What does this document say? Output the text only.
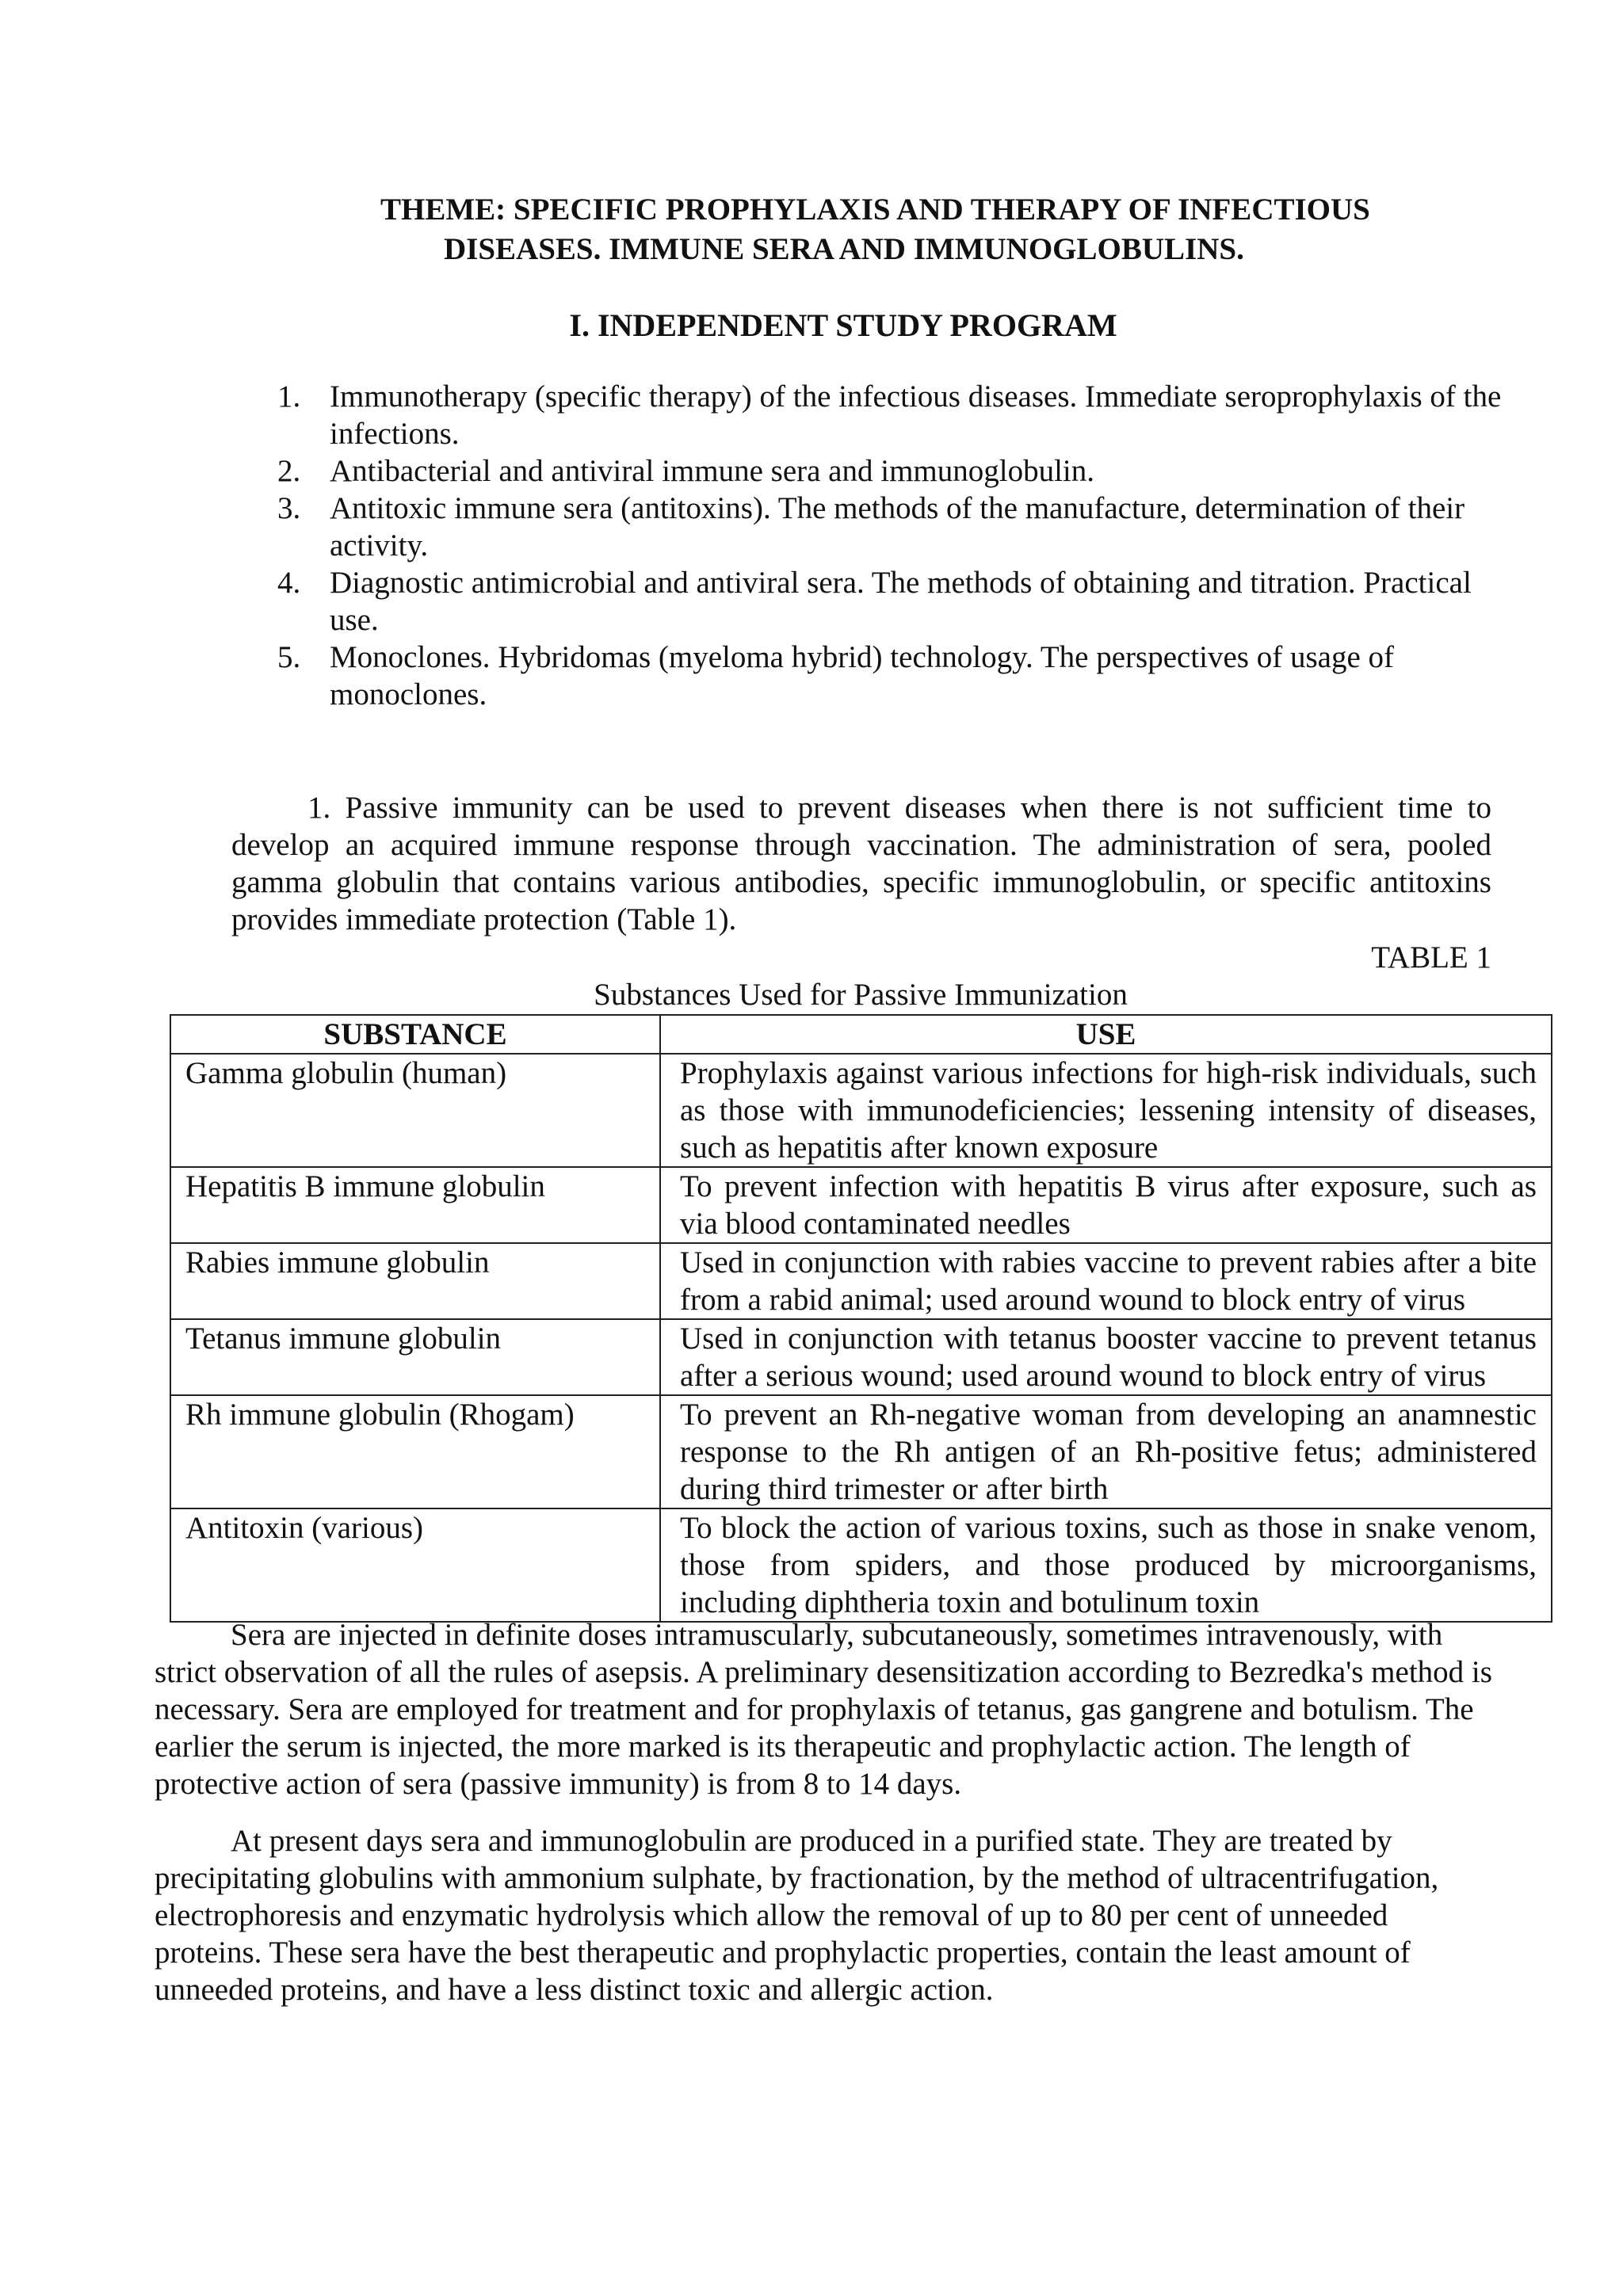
THEME: SPECIFIC PROPHYLAXIS AND THERAPY OF INFECTIOUS
DISEASES. IMMUNE SERA AND IMMUNOGLOBULINS.
I. INDEPENDENT STUDY PROGRAM
1. Immunotherapy (specific therapy) of the infectious diseases. Immediate seroprophylaxis of the infections.
2. Antibacterial and antiviral immune sera and immunoglobulin.
3. Antitoxic immune sera (antitoxins). The methods of the manufacture, determination of their activity.
4. Diagnostic antimicrobial and antiviral sera. The methods of obtaining and titration. Practical use.
5. Monoclones. Hybridomas (myeloma hybrid) technology. The perspectives of usage of monoclones.

1. Passive immunity can be used to prevent diseases when there is not sufficient time to develop an acquired immune response through vaccination. The administration of sera, pooled gamma globulin that contains various antibodies, specific immunoglobulin, or specific antitoxins provides immediate protection (Table 1).

TABLE 1

Substances Used for Passive Immunization

SUBSTANCE	USE
Gamma globulin (human)	Prophylaxis against various infections for high-risk individuals, such as those with immunodeficiencies; lessening intensity of diseases, such as hepatitis after known exposure

Hepatitis B immune globulin	To prevent infection with hepatitis B virus after exposure, such as via blood contaminated needles

Rabies immune globulin	Used in conjunction with rabies vaccine to prevent rabies after a bite from a rabid animal; used around wound to block entry of virus

Tetanus immune globulin	Used in conjunction with tetanus booster vaccine to prevent tetanus after a serious wound; used around wound to block entry of virus

Rh immune globulin (Rhogam)	To prevent an Rh-negative woman from developing an anamnestic response to the Rh antigen of an Rh-positive fetus; administered during third trimester or after birth

Antitoxin (various)	To block the action of various toxins, such as those in snake venom, those from spiders, and those produced by microorganisms, including diphtheria toxin and botulinum toxin

Sera are injected in definite doses intramuscularly, subcutaneously, sometimes intravenously, with strict observation of all the rules of asepsis. A preliminary desensitization according to Bezredka's method is necessary. Sera are employed for treatment and for prophylaxis of tetanus, gas gangrene and botulism. The earlier the serum is injected, the more marked is its therapeutic and prophylactic action. The length of protective action of sera (passive immunity) is from 8 to 14 days.

At present days sera and immunoglobulin are produced in a purified state. They are treated by precipitating globulins with ammonium sulphate, by fractionation, by the method of ultracentrifugation, electrophoresis and enzymatic hydrolysis which allow the removal of up to 80 per cent of unneeded proteins. These sera have the best therapeutic and prophylactic properties, contain the least amount of unneeded proteins, and have a less distinct toxic and allergic action.
